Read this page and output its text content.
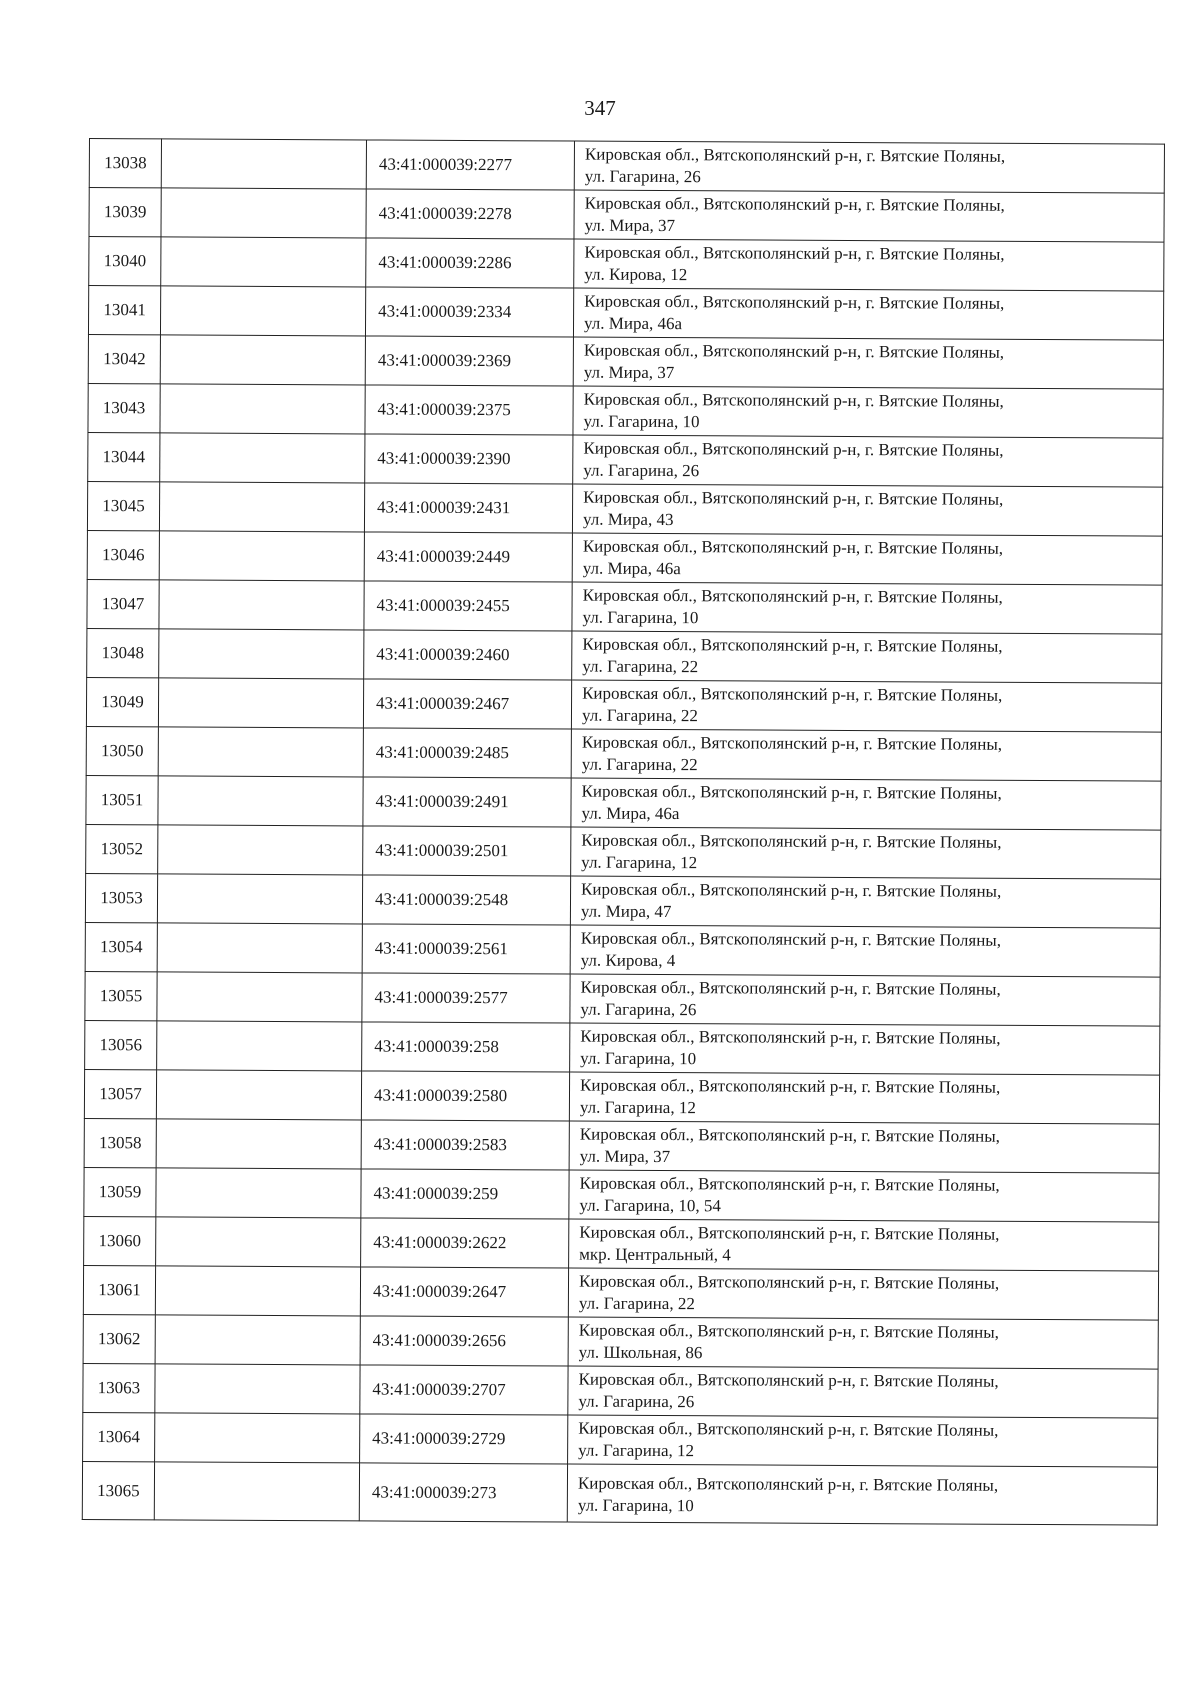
347
13038		43:41:000039:2277	Кировская обл., Вятскополянский р-н, г. Вятские Поляны,
ул. Гагарина, 26

13039		43:41:000039:2278	Кировская обл., Вятскополянский р-н, г. Вятские Поляны,
ул. Мира, 37

13040		43:41:000039:2286	Кировская обл., Вятскополянский р-н, г. Вятские Поляны,
ул. Кирова, 12

13041		43:41:000039:2334	Кировская обл., Вятскополянский р-н, г. Вятские Поляны,
ул. Мира, 46а

13042		43:41:000039:2369	Кировская обл., Вятскополянский р-н, г. Вятские Поляны,
ул. Мира, 37

13043		43:41:000039:2375	Кировская обл., Вятскополянский р-н, г. Вятские Поляны,
ул. Гагарина, 10

13044		43:41:000039:2390	Кировская обл., Вятскополянский р-н, г. Вятские Поляны,
ул. Гагарина, 26

13045		43:41:000039:2431	Кировская обл., Вятскополянский р-н, г. Вятские Поляны,
ул. Мира, 43

13046		43:41:000039:2449	Кировская обл., Вятскополянский р-н, г. Вятские Поляны,
ул. Мира, 46а

13047		43:41:000039:2455	Кировская обл., Вятскополянский р-н, г. Вятские Поляны,
ул. Гагарина, 10

13048		43:41:000039:2460	Кировская обл., Вятскополянский р-н, г. Вятские Поляны,
ул. Гагарина, 22

13049		43:41:000039:2467	Кировская обл., Вятскополянский р-н, г. Вятские Поляны,
ул. Гагарина, 22

13050		43:41:000039:2485	Кировская обл., Вятскополянский р-н, г. Вятские Поляны,
ул. Гагарина, 22

13051		43:41:000039:2491	Кировская обл., Вятскополянский р-н, г. Вятские Поляны,
ул. Мира, 46а

13052		43:41:000039:2501	Кировская обл., Вятскополянский р-н, г. Вятские Поляны,
ул. Гагарина, 12

13053		43:41:000039:2548	Кировская обл., Вятскополянский р-н, г. Вятские Поляны,
ул. Мира, 47

13054		43:41:000039:2561	Кировская обл., Вятскополянский р-н, г. Вятские Поляны,
ул. Кирова, 4

13055		43:41:000039:2577	Кировская обл., Вятскополянский р-н, г. Вятские Поляны,
ул. Гагарина, 26

13056		43:41:000039:258	Кировская обл., Вятскополянский р-н, г. Вятские Поляны,
ул. Гагарина, 10

13057		43:41:000039:2580	Кировская обл., Вятскополянский р-н, г. Вятские Поляны,
ул. Гагарина, 12

13058		43:41:000039:2583	Кировская обл., Вятскополянский р-н, г. Вятские Поляны,
ул. Мира, 37

13059		43:41:000039:259	Кировская обл., Вятскополянский р-н, г. Вятские Поляны,
ул. Гагарина, 10, 54

13060		43:41:000039:2622	Кировская обл., Вятскополянский р-н, г. Вятские Поляны,
мкр. Центральный, 4

13061		43:41:000039:2647	Кировская обл., Вятскополянский р-н, г. Вятские Поляны,
ул. Гагарина, 22

13062		43:41:000039:2656	Кировская обл., Вятскополянский р-н, г. Вятские Поляны,
ул. Школьная, 86

13063		43:41:000039:2707	Кировская обл., Вятскополянский р-н, г. Вятские Поляны,
ул. Гагарина, 26

13064		43:41:000039:2729	Кировская обл., Вятскополянский р-н, г. Вятские Поляны,
ул. Гагарина, 12

13065		43:41:000039:273	Кировская обл., Вятскополянский р-н, г. Вятские Поляны,
ул. Гагарина, 10
